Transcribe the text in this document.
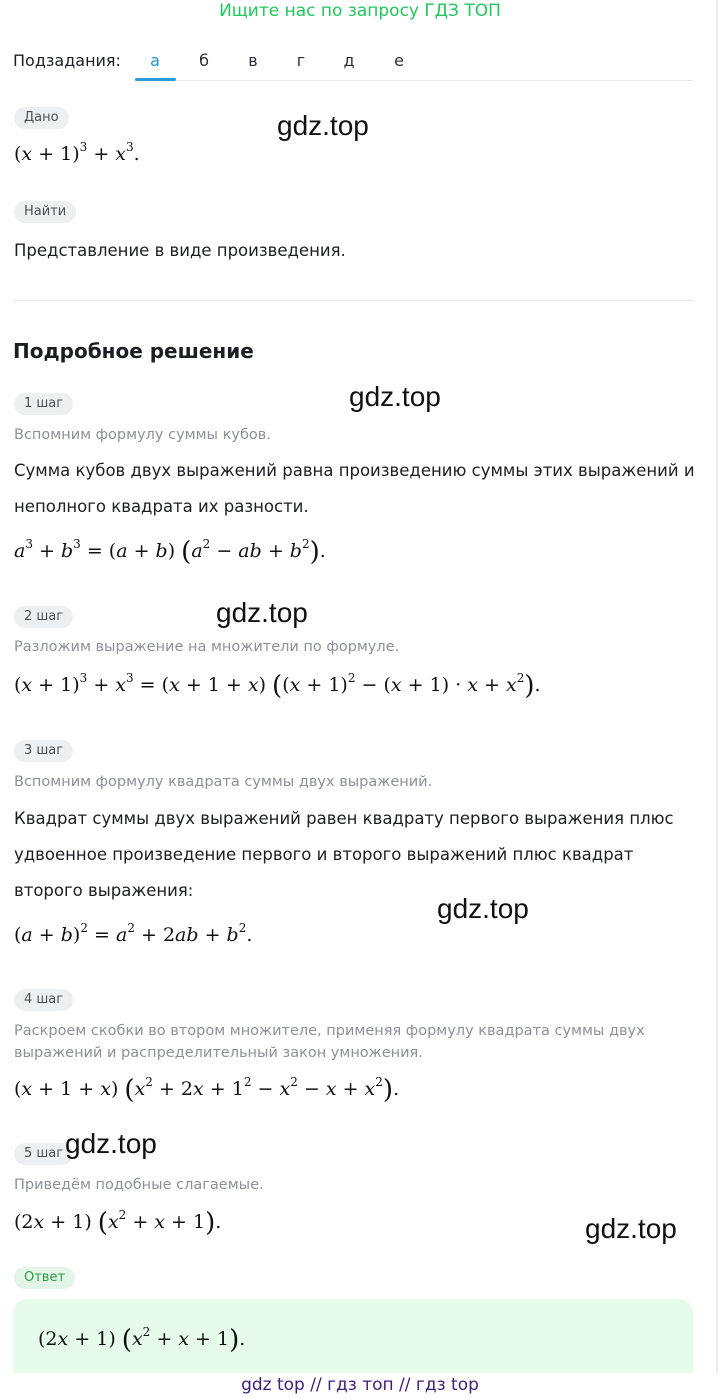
Ищите нас по запросу ГДЗ ТОП
Подзадания:	а	б	в	г	д	е
Дано
$(x + 1)^3 + x^3$.
Найти
Представление в виде произведения.
Подробное решение
1 шаг
Вспомним формулу суммы кубов.
Сумма кубов двух выражений равна произведению суммы этих выражений и
неполного квадрата их разности.
$a^3 + b^3 = (a + b) (a^2$ − ab + $b^2$).
2 шаг
Разложим выражение на множители по формуле.
$(x + 1)^3 + x^3 = (x + 1 + x)$ $((x + 1)^2 - (x + 1) \cdot x + x^2)$.
3 шаг
Вспомним формулу квадрата суммы двух выражений.
Квадрат суммы двух выражений равен квадрату первого выражения плюс
удвоенное произведение первого и второго выражений плюс квадрат
второго выражения:
$(a + b)^2 = a^2 + 2ab + b^2$.
4 шаг
Раскроем скобки во втором множителе, применяя формулу квадрата суммы двух
выражений и распределительный закон умножения.
(x + 1 + x) $(x^2 + 2x + 1^2 - x^2 - x + x^2)$.
5 шаг
Приведём подобные слагаемые.
(2x + 1) $(x^2 + x + 1)$.
Ответ
(2x + 1) $(x^2 + x + 1)$.
gdz.top
gdz.top
gdz.top
gdz.top
gdz.top
gdz.top
gdz top // гдз топ // гдз top
